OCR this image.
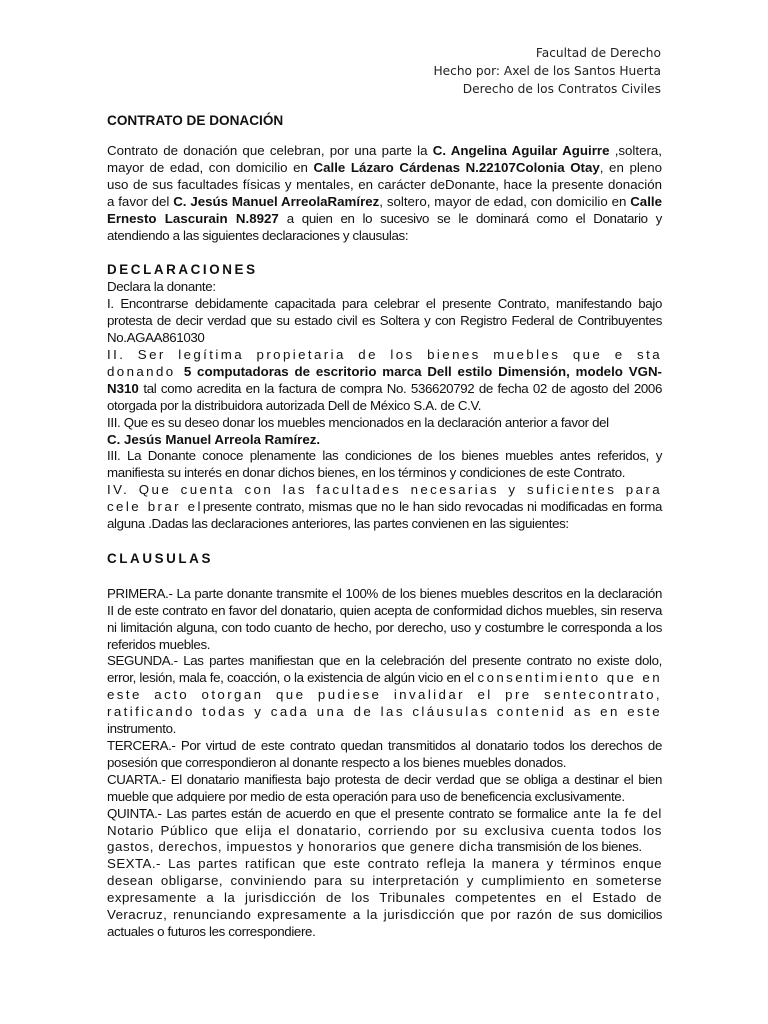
Facultad de Derecho
Hecho por: Axel de los Santos Huerta
Derecho de los Contratos Civiles
CONTRATO DE DONACIÓN

Contrato de donación que celebran, por una parte la C. Angelina Aguilar Aguirre ,soltera, mayor de edad, con domicilio en Calle Lázaro Cárdenas N.22107Colonia Otay, en pleno uso de sus facultades físicas y mentales, en carácter deDonante, hace la presente donación a favor del C. Jesús Manuel ArreolaRamírez, soltero, mayor de edad, con domicilio en Calle Ernesto Lascurain N.8927 a quien en lo sucesivo se le dominará como el Donatario y atendiendo a las siguientes declaraciones y clausulas:

DECLARACIONES

Declara la donante:

I. Encontrarse debidamente capacitada para celebrar el presente Contrato, manifestando bajo protesta de decir verdad que su estado civil es Soltera y con Registro Federal de Contribuyentes No.AGAA861030

II. Ser legítima propietaria de los bienes muebles que e sta donando 5 computadoras de escritorio marca Dell estilo Dimensión, modelo VGN-N310 tal como acredita en la factura de compra No. 536620792 de fecha 02 de agosto del 2006 otorgada por la distribuidora autorizada Dell de México S.A. de C.V.

III. Que es su deseo donar los muebles mencionados en la declaración anterior a favor del

C. Jesús Manuel Arreola Ramírez.

III. La Donante conoce plenamente las condiciones de los bienes muebles antes referidos, y manifiesta su interés en donar dichos bienes, en los términos y condiciones de este Contrato.

IV. Que cuenta con las facultades necesarias y suficientes para cele brar elpresente contrato, mismas que no le han sido revocadas ni modificadas en forma alguna .Dadas las declaraciones anteriores, las partes convienen en las siguientes:

CLAUSULAS

PRIMERA.- La parte donante transmite el 100% de los bienes muebles descritos en la declaración II de este contrato en favor del donatario, quien acepta de conformidad dichos muebles, sin reserva ni limitación alguna, con todo cuanto de hecho, por derecho, uso y costumbre le corresponda a los referidos muebles.

SEGUNDA.- Las partes manifiestan que en la celebración del presente contrato no existe dolo, error, lesión, mala fe, coacción, o la existencia de algún vicio en el consentimiento que en este acto otorgan que pudiese invalidar el pre sentecontrato, ratificando todas y cada una de las cláusulas contenid as en este instrumento.

TERCERA.- Por virtud de este contrato quedan transmitidos al donatario todos los derechos de posesión que correspondieron al donante respecto a los bienes muebles donados.

CUARTA.- El donatario manifiesta bajo protesta de decir verdad que se obliga a destinar el bien mueble que adquiere por medio de esta operación para uso de beneficencia exclusivamente.

QUINTA.- Las partes están de acuerdo en que el presente contrato se formalice ante la fe del Notario Público que elija el donatario, corriendo por su exclusiva cuenta todos los gastos, derechos, impuestos y honorarios que genere dicha transmisión de los bienes.

SEXTA.- Las partes ratifican que este contrato refleja la manera y términos enque desean obligarse, conviniendo para su interpretación y cumplimiento en someterse expresamente a la jurisdicción de los Tribunales competentes en el Estado de Veracruz, renunciando expresamente a la jurisdicción que por razón de sus domicilios actuales o futuros les correspondiere.
